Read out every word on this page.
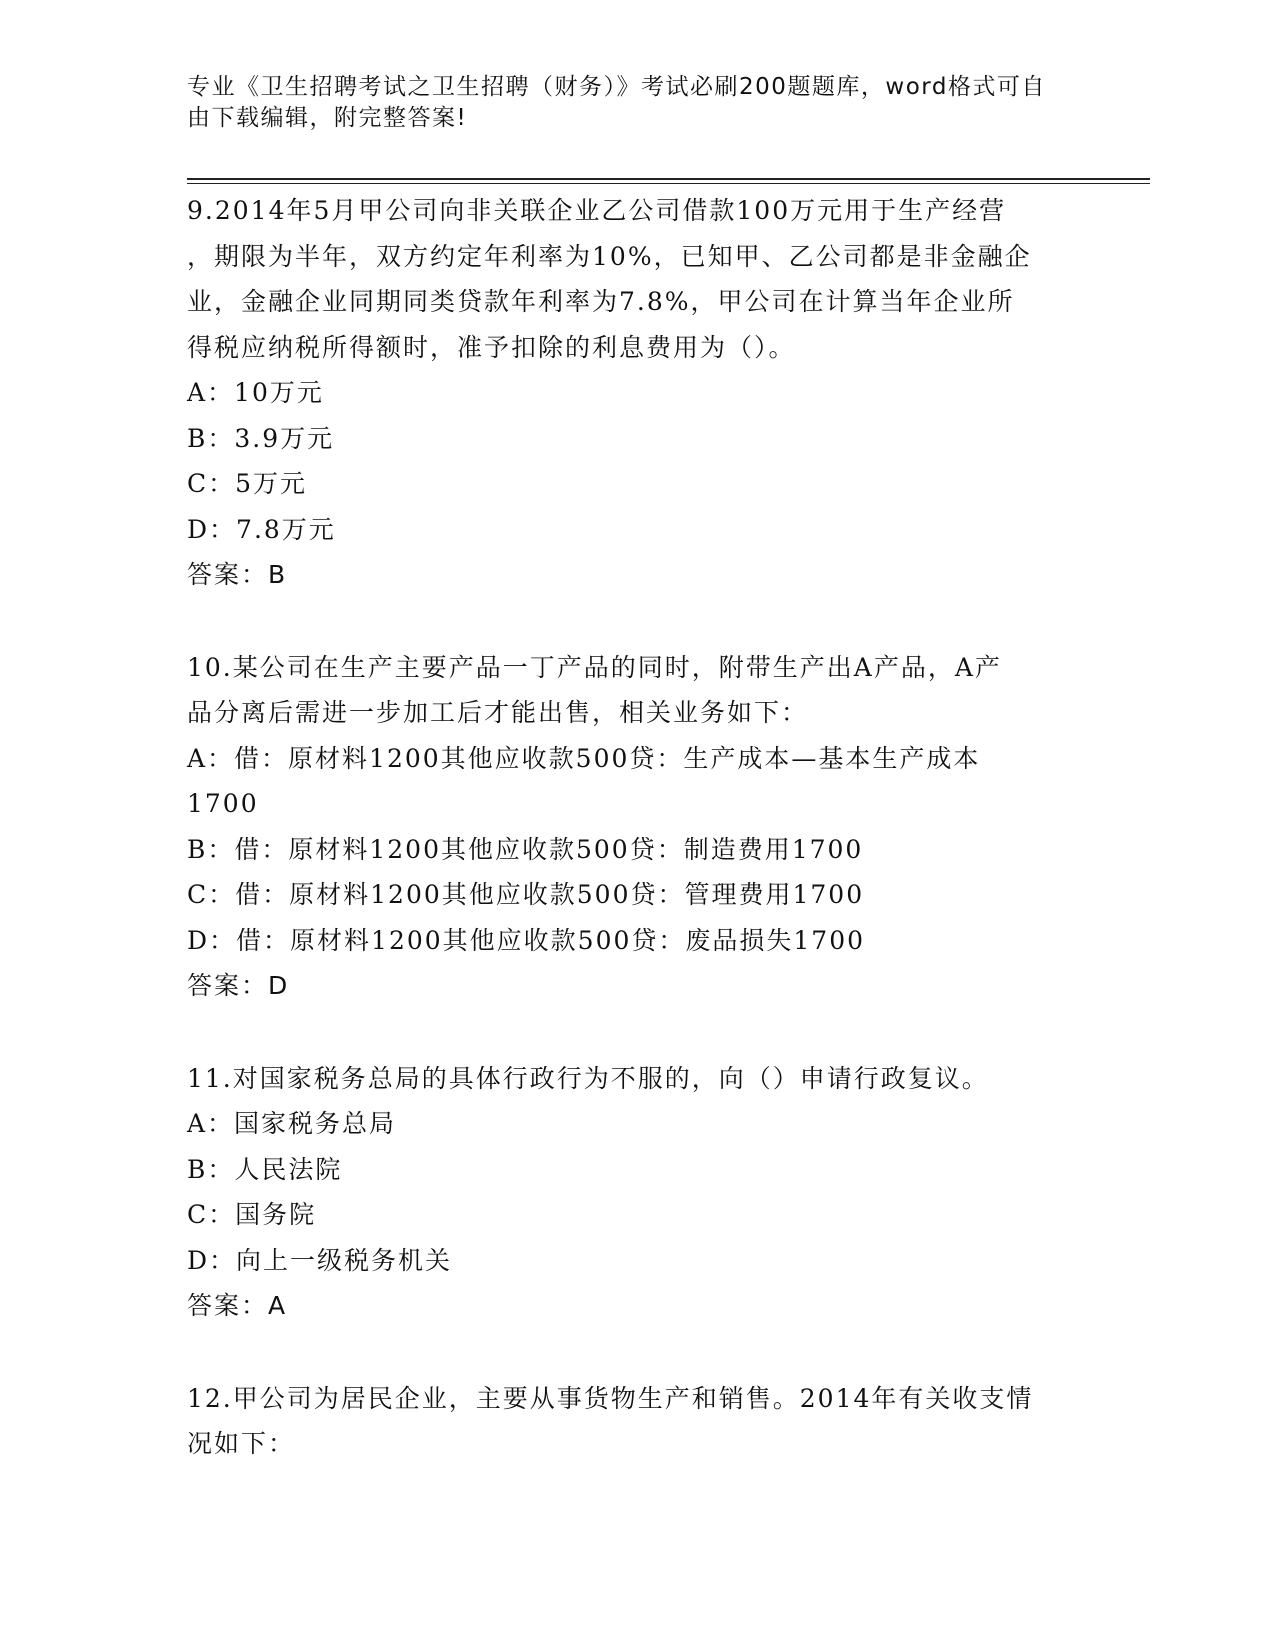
专业《卫生招聘考试之卫生招聘（财务）》考试必刷200题题库，word格式可自
由下载编辑，附完整答案!
9.2014年5月甲公司向非关联企业乙公司借款100万元用于生产经营
，期限为半年，双方约定年利率为10%，已知甲、乙公司都是非金融企
业，金融企业同期同类贷款年利率为7.8%，甲公司在计算当年企业所
得税应纳税所得额时，准予扣除的利息费用为（）。
A：10万元
B：3.9万元
C：5万元
D：7.8万元
答案：B
10.某公司在生产主要产品一丁产品的同时，附带生产出A产品，A产
品分离后需进一步加工后才能出售，相关业务如下：
A：借：原材料1200其他应收款500贷：生产成本—基本生产成本
1700
B：借：原材料1200其他应收款500贷：制造费用1700
C：借：原材料1200其他应收款500贷：管理费用1700
D：借：原材料1200其他应收款500贷：废品损失1700
答案：D
11.对国家税务总局的具体行政行为不服的，向（）申请行政复议。
A：国家税务总局
B：人民法院
C：国务院
D：向上一级税务机关
答案：A
12.甲公司为居民企业，主要从事货物生产和销售。2014年有关收支情
况如下：
